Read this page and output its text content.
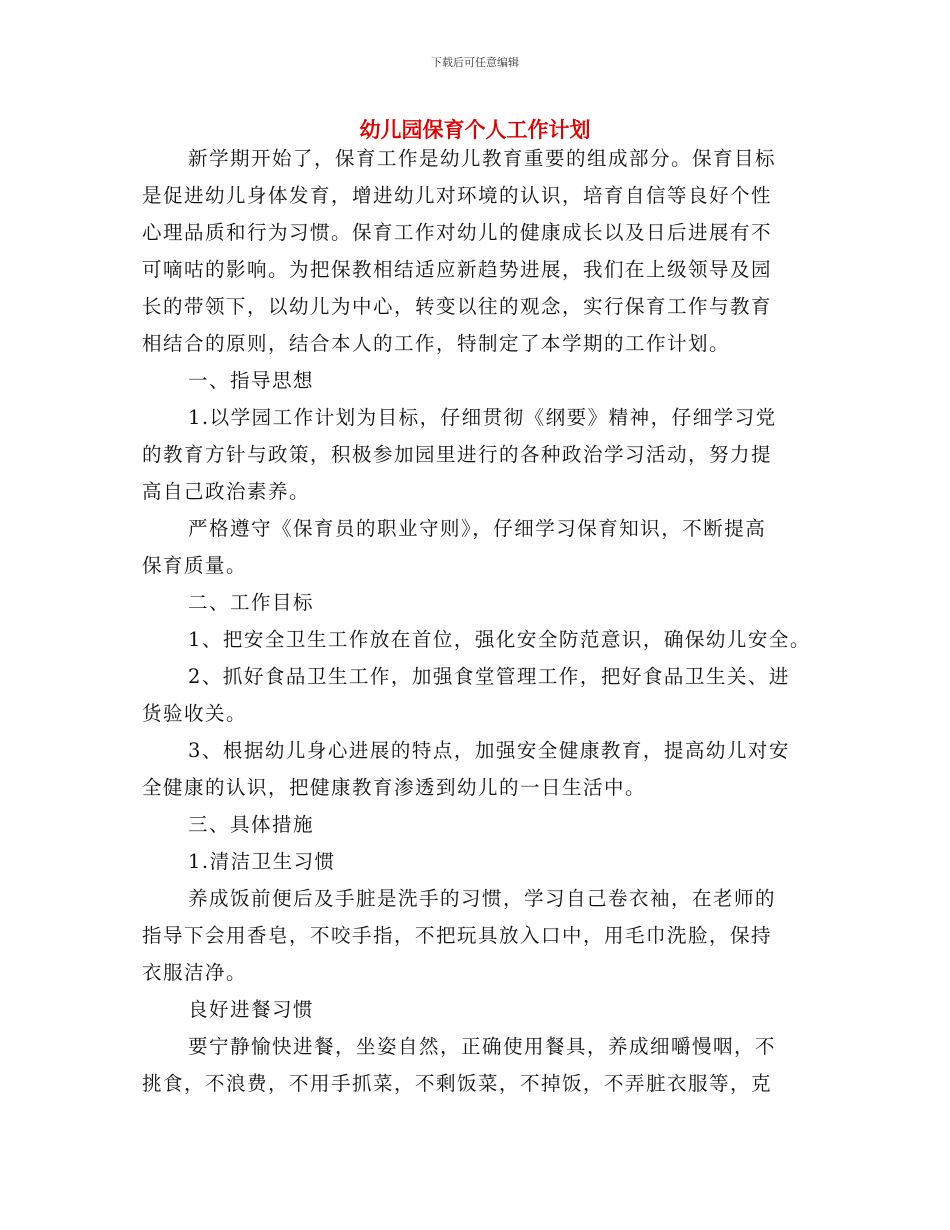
下载后可任意编辑
幼儿园保育个人工作计划
新学期开始了，保育工作是幼儿教育重要的组成部分。保育目标
是促进幼儿身体发育，增进幼儿对环境的认识，培育自信等良好个性
心理品质和行为习惯。保育工作对幼儿的健康成长以及日后进展有不
可嘀咕的影响。为把保教相结适应新趋势进展，我们在上级领导及园
长的带领下，以幼儿为中心，转变以往的观念，实行保育工作与教育
相结合的原则，结合本人的工作，特制定了本学期的工作计划。
一、指导思想
1.以学园工作计划为目标，仔细贯彻《纲要》精神，仔细学习党
的教育方针与政策，积极参加园里进行的各种政治学习活动，努力提
高自己政治素养。
严格遵守《保育员的职业守则》，仔细学习保育知识，不断提高
保育质量。
二、工作目标
1、把安全卫生工作放在首位，强化安全防范意识，确保幼儿安全。
2、抓好食品卫生工作，加强食堂管理工作，把好食品卫生关、进
货验收关。
3、根据幼儿身心进展的特点，加强安全健康教育，提高幼儿对安
全健康的认识，把健康教育渗透到幼儿的一日生活中。
三、具体措施
1.清洁卫生习惯
养成饭前便后及手脏是洗手的习惯，学习自己卷衣袖，在老师的
指导下会用香皂，不咬手指，不把玩具放入口中，用毛巾洗脸，保持
衣服洁净。
良好进餐习惯
要宁静愉快进餐，坐姿自然，正确使用餐具，养成细嚼慢咽，不
挑食，不浪费，不用手抓菜，不剩饭菜，不掉饭，不弄脏衣服等，克
